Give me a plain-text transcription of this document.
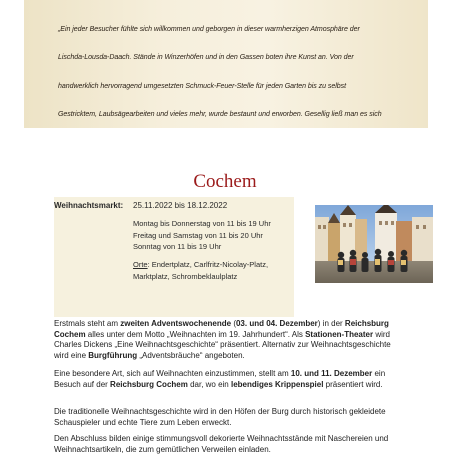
„Ein jeder Besucher fühlte sich willkommen und geborgen in dieser warmherzigen Atmosphäre der

Lischda-Lousda-Daach. Stände in Winzerhöfen und in den Gassen boten ihre Kunst an. Von der

handwerklich hervorragend umgesetzten Schmuck-Feuer-Stelle für jeden Garten bis zu selbst

Gestricktem, Laubsägearbeiten und vieles mehr, wurde bestaunt und erworben. Gesellig ließ man es sich

Cochem
Weihnachtsmarkt: 25.11.2022 bis 18.12.2022
Montag bis Donnerstag von 11 bis 19 Uhr
Freitag und Samstag von 11 bis 20 Uhr
Sonntag von 11 bis 19 Uhr
Orte: Endertplatz, Carlfritz-Nicolay-Platz, Marktplatz, Schrombeklaulplatz
Erstmals steht am zweiten Adventswochenende (03. und 04. Dezember) in der Reichsburg Cochem alles unter dem Motto „Weihnachten im 19. Jahrhundert“. Als Stationen-Theater wird Charles Dickens „Eine Weihnachtsgeschichte“ präsentiert. Alternativ zur Weihnachtsgeschichte wird eine Burgführung „Adventsbräuche“ angeboten.
Eine besondere Art, sich auf Weihnachten einzustimmen, stellt am 10. und 11. Dezember ein Besuch auf der Reichsburg Cochem dar, wo ein lebendiges Krippenspiel präsentiert wird.
Die traditionelle Weihnachtsgeschichte wird in den Höfen der Burg durch historisch gekleidete Schauspieler und echte Tiere zum Leben erweckt.
Den Abschluss bilden einige stimmungsvoll dekorierte Weihnachtsstände mit Naschereien und Weihnachtsartikeln, die zum gemütlichen Verweilen einladen.
